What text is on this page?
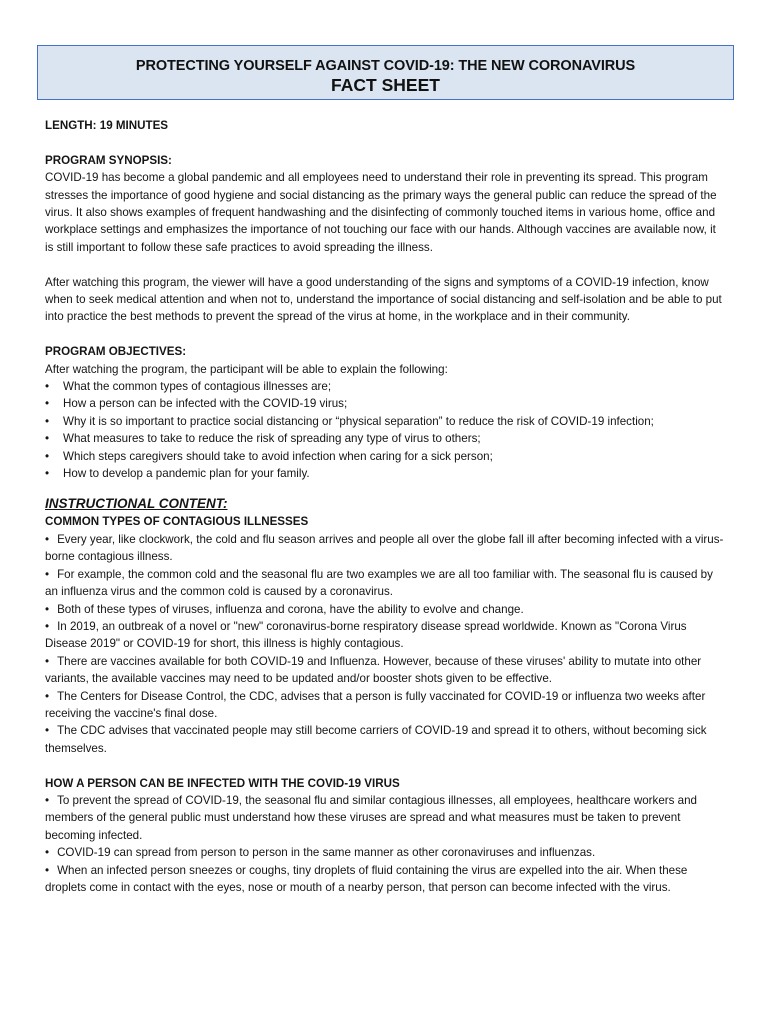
PROTECTING YOURSELF AGAINST COVID-19: THE NEW CORONAVIRUS
FACT SHEET

LENGTH: 19 MINUTES

PROGRAM SYNOPSIS:

COVID-19 has become a global pandemic and all employees need to understand their role in preventing its spread. This program stresses the importance of good hygiene and social distancing as the primary ways the general public can reduce the spread of the virus. It also shows examples of frequent handwashing and the disinfecting of commonly touched items in various home, office and workplace settings and emphasizes the importance of not touching our face with our hands. Although vaccines are available now, it is still important to follow these safe practices to avoid spreading the illness.

After watching this program, the viewer will have a good understanding of the signs and symptoms of a COVID-19 infection, know when to seek medical attention and when not to, understand the importance of social distancing and self-isolation and be able to put into practice the best methods to prevent the spread of the virus at home, in the workplace and in their community.

PROGRAM OBJECTIVES:

After watching the program, the participant will be able to explain the following:

• What the common types of contagious illnesses are;
• How a person can be infected with the COVID-19 virus;
• Why it is so important to practice social distancing or “physical separation” to reduce the risk of COVID-19 infection;
• What measures to take to reduce the risk of spreading any type of virus to others;
• Which steps caregivers should take to avoid infection when caring for a sick person;
• How to develop a pandemic plan for your family.

INSTRUCTIONAL CONTENT:

COMMON TYPES OF CONTAGIOUS ILLNESSES

• Every year, like clockwork, the cold and flu season arrives and people all over the globe fall ill after becoming infected with a virus-borne contagious illness.

• For example, the common cold and the seasonal flu are two examples we are all too familiar with. The seasonal flu is caused by an influenza virus and the common cold is caused by a coronavirus.

• Both of these types of viruses, influenza and corona, have the ability to evolve and change.

• In 2019, an outbreak of a novel or "new" coronavirus-borne respiratory disease spread worldwide. Known as "Corona Virus Disease 2019" or COVID-19 for short, this illness is highly contagious.

• There are vaccines available for both COVID-19 and Influenza. However, because of these viruses' ability to mutate into other variants, the available vaccines may need to be updated and/or booster shots given to be effective.

• The Centers for Disease Control, the CDC, advises that a person is fully vaccinated for COVID-19 or influenza two weeks after receiving the vaccine's final dose.

• The CDC advises that vaccinated people may still become carriers of COVID-19 and spread it to others, without becoming sick themselves.

HOW A PERSON CAN BE INFECTED WITH THE COVID-19 VIRUS

• To prevent the spread of COVID-19, the seasonal flu and similar contagious illnesses, all employees, healthcare workers and members of the general public must understand how these viruses are spread and what measures must be taken to prevent becoming infected.

• COVID-19 can spread from person to person in the same manner as other coronaviruses and influenzas.

• When an infected person sneezes or coughs, tiny droplets of fluid containing the virus are expelled into the air. When these droplets come in contact with the eyes, nose or mouth of a nearby person, that person can become infected with the virus.
